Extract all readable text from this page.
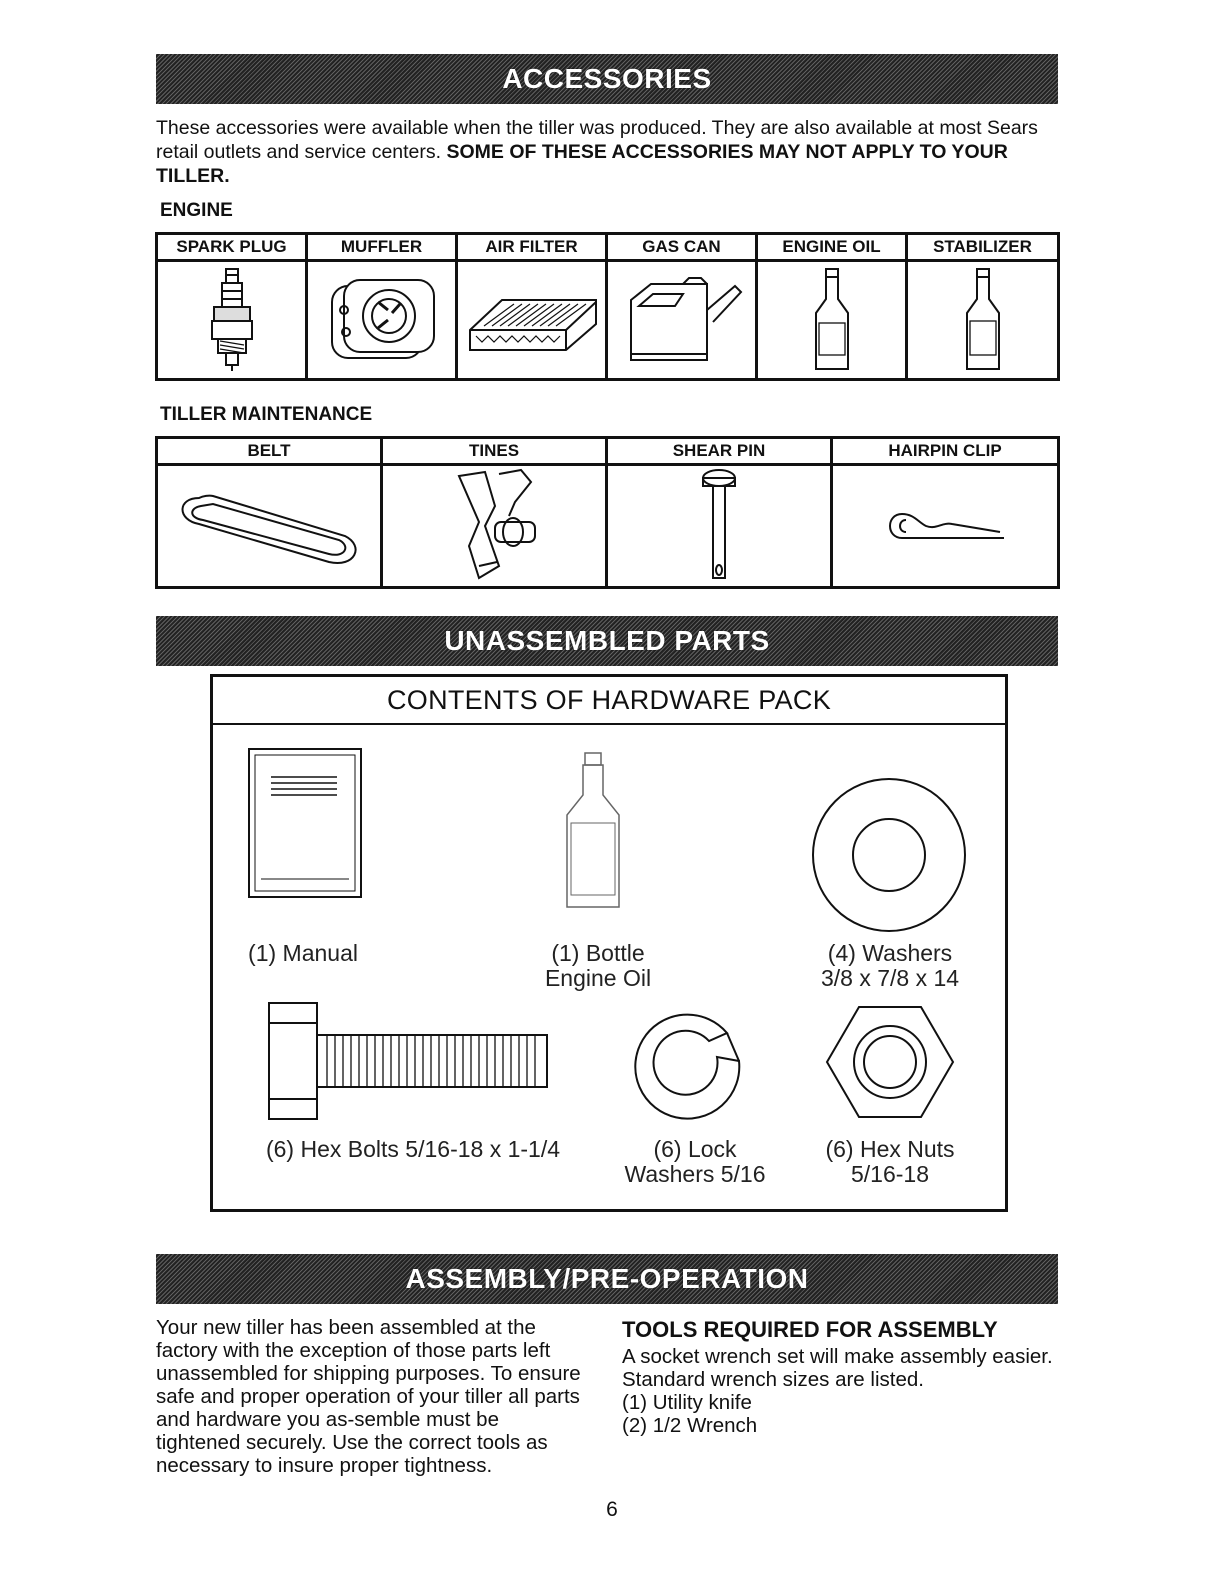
ACCESSORIES
These accessories were available when the tiller was produced. They are also available at most Sears retail outlets and service centers. SOME OF THESE ACCESSORIES MAY NOT APPLY TO YOUR TILLER.
ENGINE
SPARK PLUG	MUFFLER	AIR FILTER	GAS CAN	ENGINE OIL	STABILIZER

TILLER MAINTENANCE
BELT	TINES	SHEAR PIN	HAIRPIN CLIP

UNASSEMBLED PARTS
CONTENTS OF HARDWARE PACK
(1) Manual	(1) Bottle
Engine Oil
(4) Washers
3/8 x 7/8 x 14
(6) Hex Bolts 5/16-18 x 1-1/4	(6) Lock
Washers 5/16
(6) Hex Nuts
5/16-18
ASSEMBLY/PRE-OPERATION
Your new tiller has been assembled at the factory with the exception of those parts left unassembled for shipping purposes. To ensure safe and proper operation of your tiller all parts and hardware you as-semble must be tightened securely. Use the correct tools as necessary to insure proper tightness.
TOOLS REQUIRED FOR ASSEMBLY
A socket wrench set will make assembly easier. Standard wrench sizes are listed.
(1) Utility knife
(2) 1/2 Wrench
6
